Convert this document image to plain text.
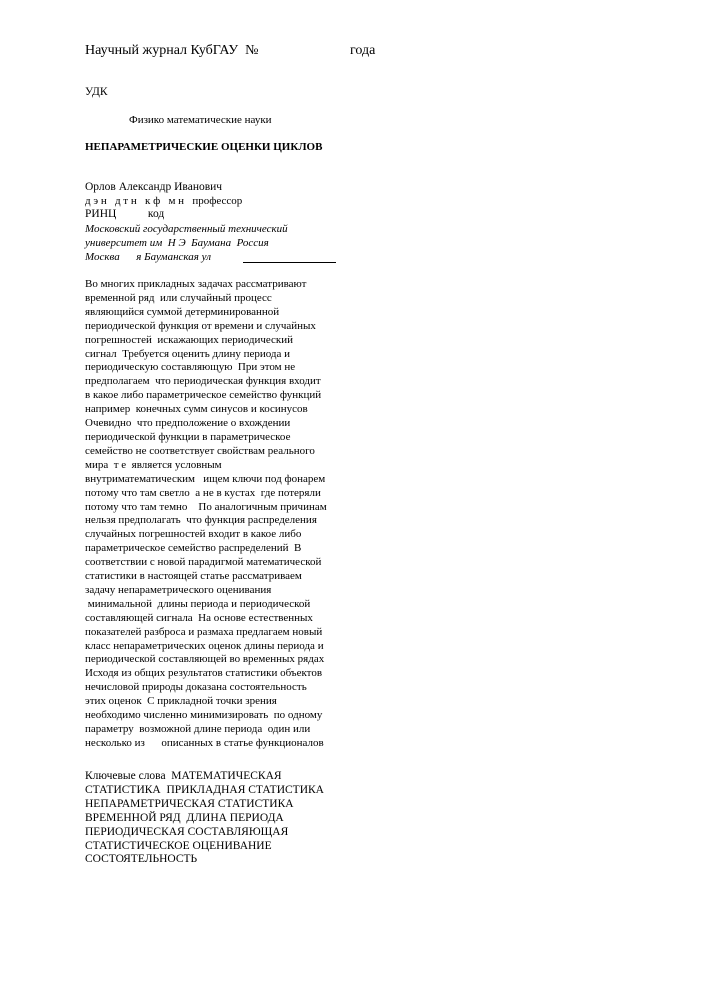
Научный журнал КубГАУ  №	года
УДК
Физико математические науки
НЕПАРАМЕТРИЧЕСКИЕ ОЦЕНКИ ЦИКЛОВ
Орлов Александр Иванович
д э н   д т н   к ф   м н   профессор
РИНЦ           код
Московский государственный технический
университет им  Н Э  Баумана  Россия
Москва      я Бауманская ул
Во многих прикладных задачах рассматривают
временной ряд  или случайный процесс
являющийся суммой детерминированной
периодической функция от времени и случайных
погрешностей  искажающих периодический
сигнал  Требуется оценить длину периода и
периодическую составляющую  При этом не
предполагаем  что периодическая функция входит
в какое либо параметрическое семейство функций
например  конечных сумм синусов и косинусов
Очевидно  что предположение о вхождении
периодической функции в параметрическое
семейство не соответствует свойствам реального
мира  т е  является условным
внутриматематическим   ищем ключи под фонарем
потому что там светло  а не в кустах  где потеряли
потому что там темно    По аналогичным причинам
нельзя предполагать  что функция распределения
случайных погрешностей входит в какое либо
параметрическое семейство распределений  В
соответствии с новой парадигмой математической
статистики в настоящей статье рассматриваем
задачу непараметрического оценивания
минимальной  длины периода и периодической
составляющей сигнала  На основе естественных
показателей разброса и размаха предлагаем новый
класс непараметрических оценок длины периода и
периодической составляющей во временных рядах
Исходя из общих результатов статистики объектов
нечисловой природы доказана состоятельность
этих оценок  С прикладной точки зрения
необходимо численно минимизировать  по одному
параметру  возможной длине периода  один или
несколько из      описанных в статье функционалов
Ключевые слова  МАТЕМАТИЧЕСКАЯ
СТАТИСТИКА  ПРИКЛАДНАЯ СТАТИСТИКА
НЕПАРАМЕТРИЧЕСКАЯ СТАТИСТИКА
ВРЕМЕННОЙ РЯД  ДЛИНА ПЕРИОДА
ПЕРИОДИЧЕСКАЯ СОСТАВЛЯЮЩАЯ
СТАТИСТИЧЕСКОЕ ОЦЕНИВАНИЕ
СОСТОЯТЕЛЬНОСТЬ
